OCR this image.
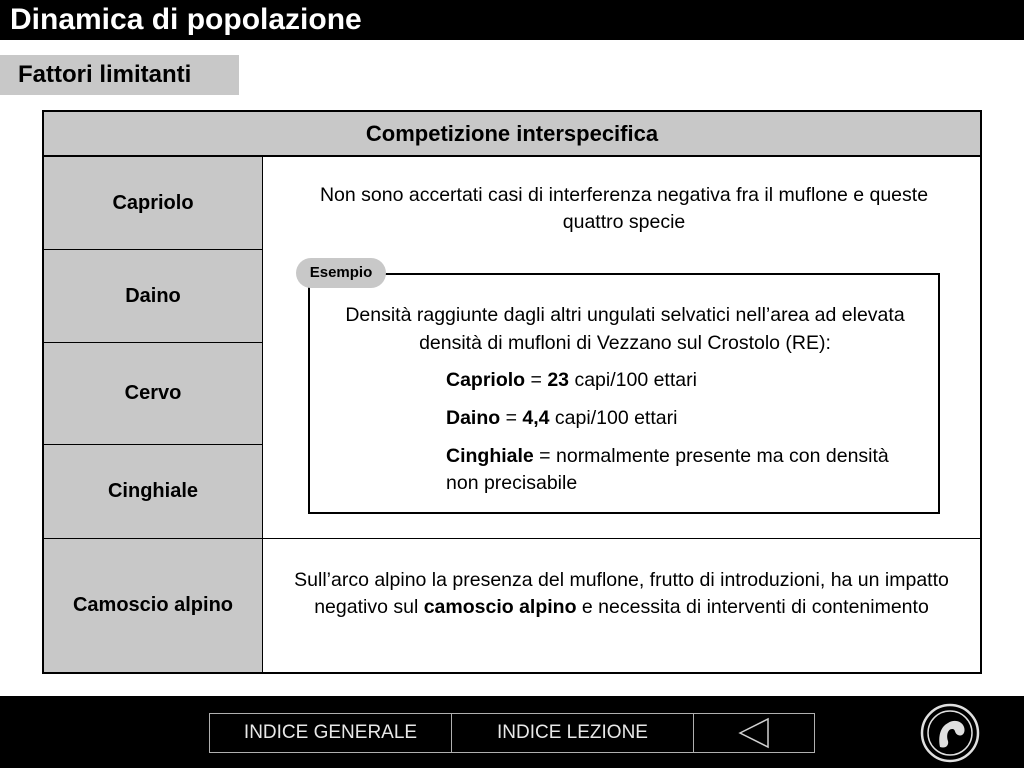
Dinamica di popolazione
Fattori limitanti
Competizione interspecifica
Capriolo
Daino
Cervo
Cinghiale
Camoscio alpino
Non sono accertati casi di interferenza negativa fra il muflone e queste quattro specie
Densità raggiunte dagli altri ungulati selvatici nell’area ad elevata densità di mufloni di Vezzano sul Crostolo (RE):
Capriolo = 23 capi/100 ettari
Daino = 4,4 capi/100 ettari
Cinghiale = normalmente presente ma con densità non precisabile
Esempio
Sull’arco alpino la presenza del muflone, frutto di introduzioni, ha un impatto negativo sul camoscio alpino e necessita di interventi di contenimento
INDICE GENERALE	INDICE LEZIONE
